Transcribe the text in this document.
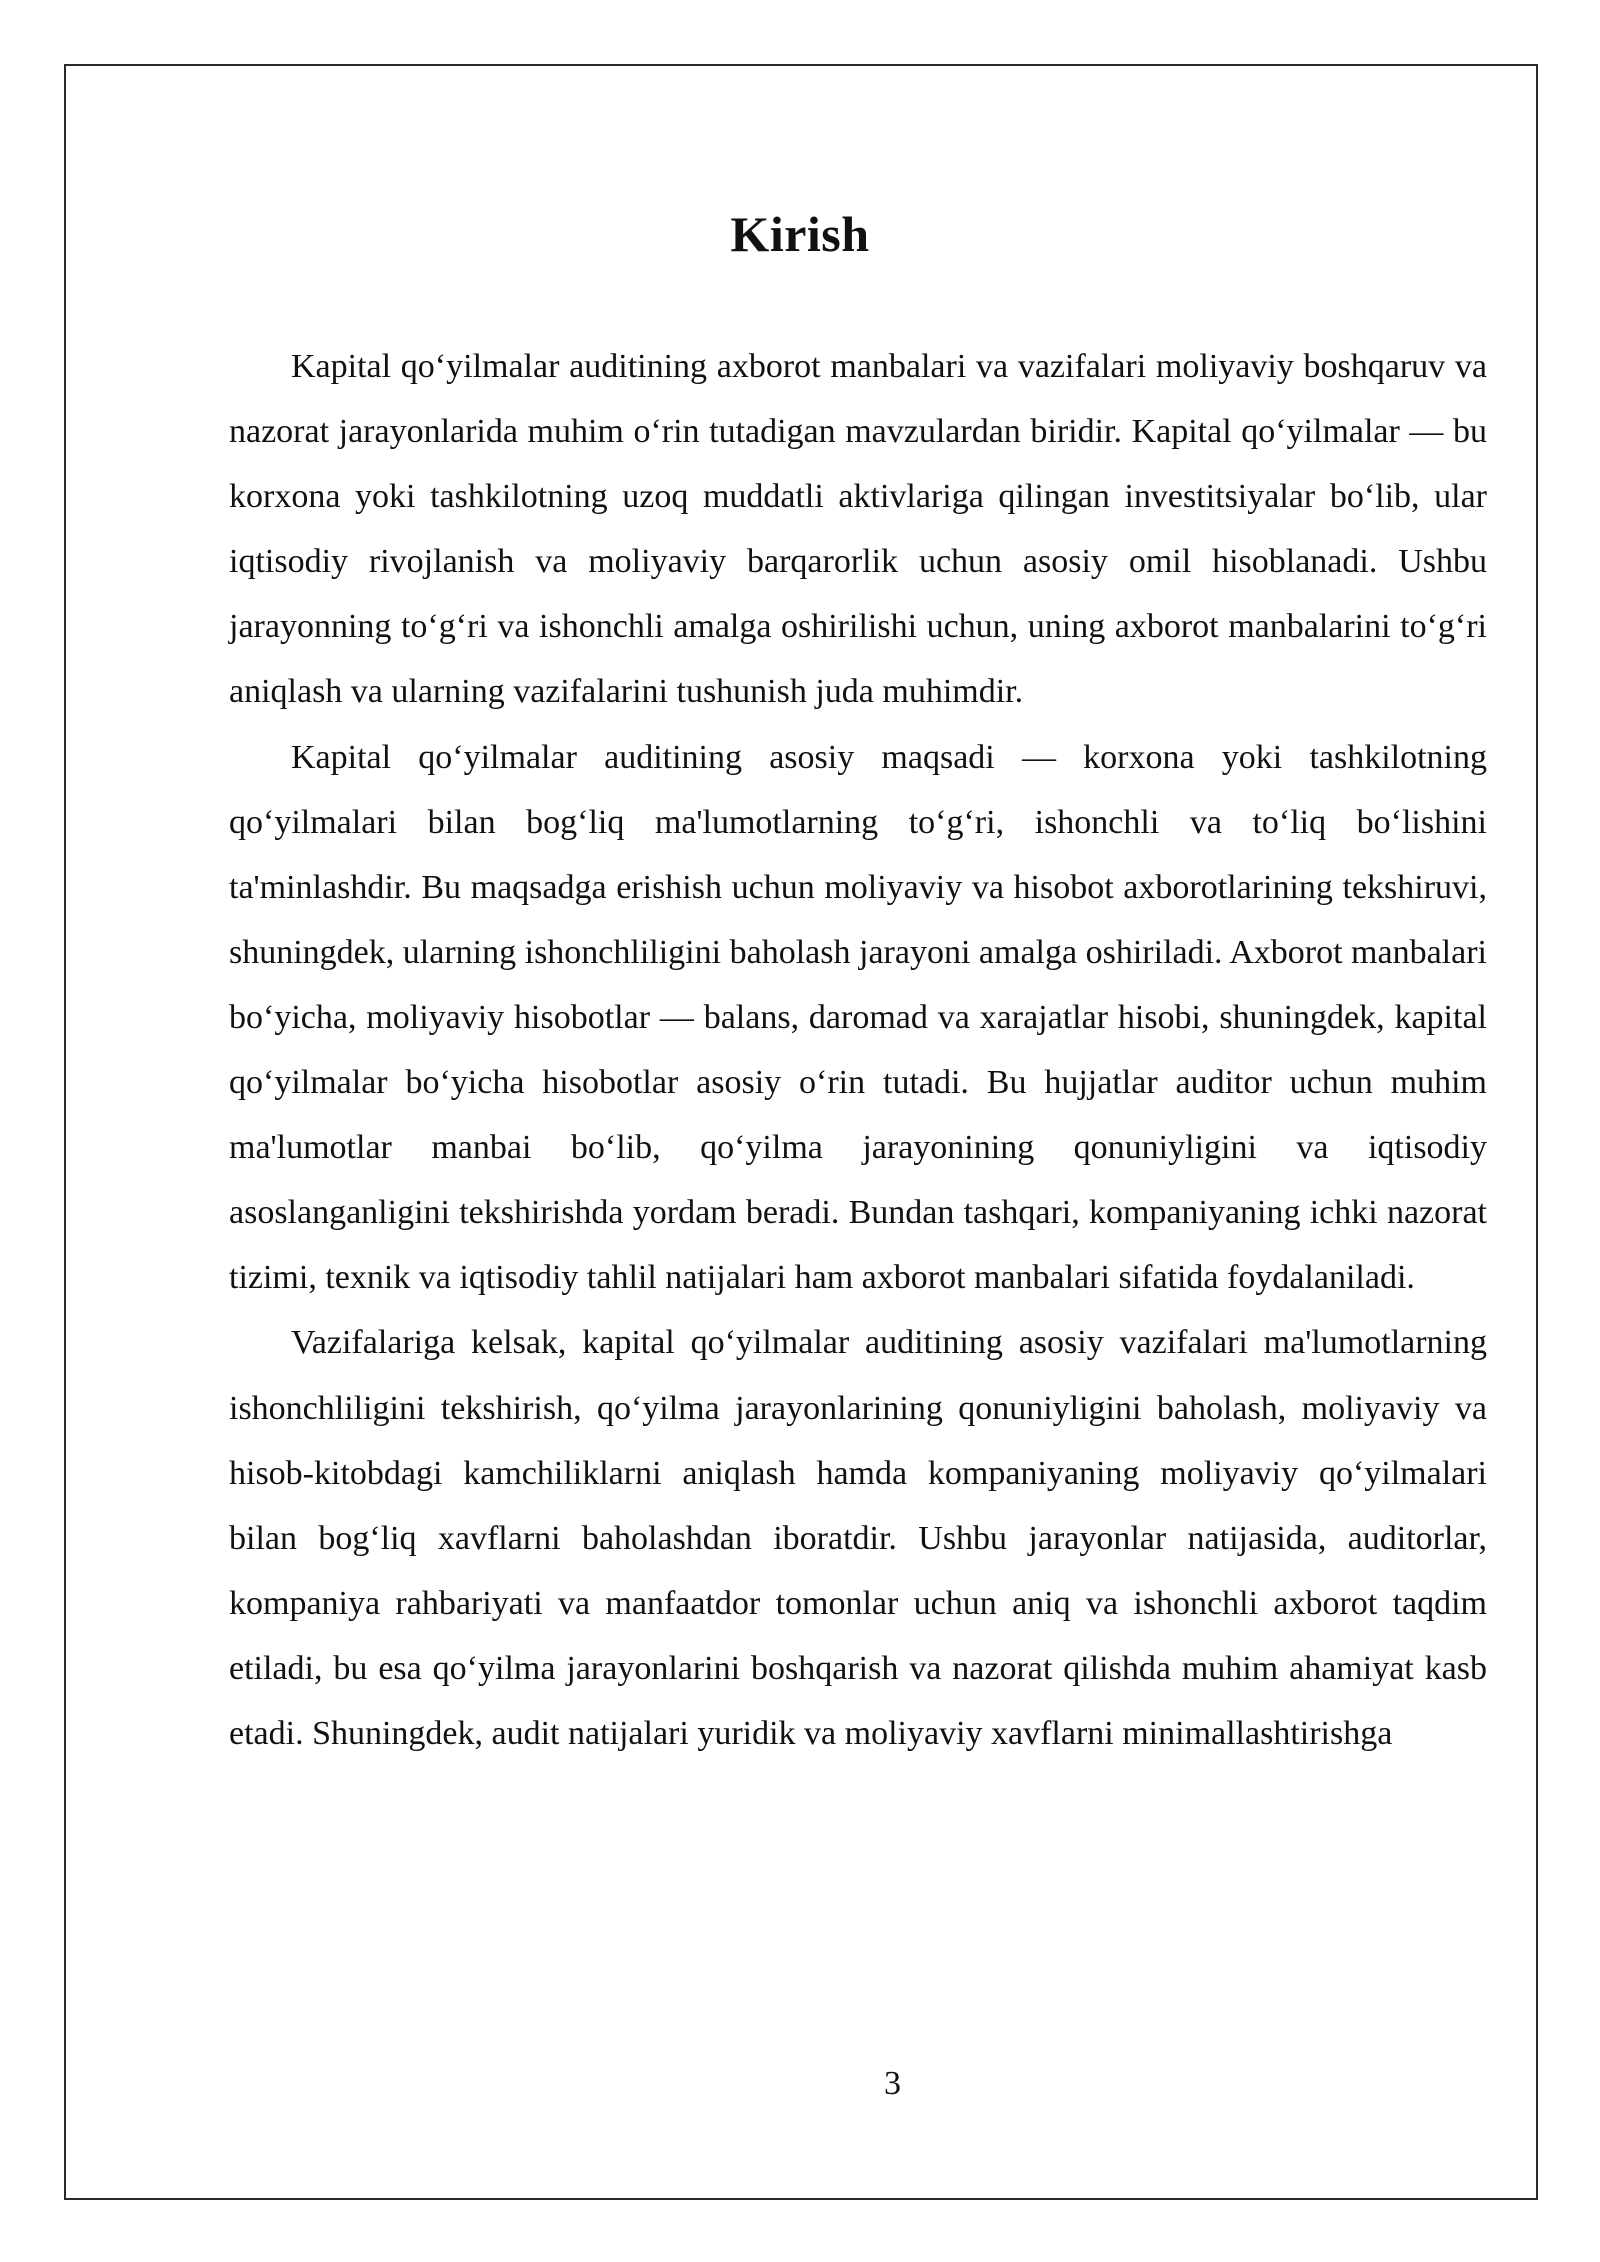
Kirish

Kapital qo‘yilmalar auditining axborot manbalari va vazifalari moliyaviy boshqaruv va nazorat jarayonlarida muhim o‘rin tutadigan mavzulardan biridir. Kapital qo‘yilmalar — bu korxona yoki tashkilotning uzoq muddatli aktivlariga qilingan investitsiyalar bo‘lib, ular iqtisodiy rivojlanish va moliyaviy barqarorlik uchun asosiy omil hisoblanadi. Ushbu jarayonning to‘g‘ri va ishonchli amalga oshirilishi uchun, uning axborot manbalarini to‘g‘ri aniqlash va ularning vazifalarini tushunish juda muhimdir.

Kapital qo‘yilmalar auditining asosiy maqsadi — korxona yoki tashkilotning qo‘yilmalari bilan bog‘liq ma'lumotlarning to‘g‘ri, ishonchli va to‘liq bo‘lishini ta'minlashdir. Bu maqsadga erishish uchun moliyaviy va hisobot axborotlarining tekshiruvi, shuningdek, ularning ishonchliligini baholash jarayoni amalga oshiriladi. Axborot manbalari bo‘yicha, moliyaviy hisobotlar — balans, daromad va xarajatlar hisobi, shuningdek, kapital qo‘yilmalar bo‘yicha hisobotlar asosiy o‘rin tutadi. Bu hujjatlar auditor uchun muhim ma'lumotlar manbai bo‘lib, qo‘yilma jarayonining qonuniyligini va iqtisodiy asoslanganligini tekshirishda yordam beradi. Bundan tashqari, kompaniyaning ichki nazorat tizimi, texnik va iqtisodiy tahlil natijalari ham axborot manbalari sifatida foydalaniladi.

Vazifalariga kelsak, kapital qo‘yilmalar auditining asosiy vazifalari ma'lumotlarning ishonchliligini tekshirish, qo‘yilma jarayonlarining qonuniyligini baholash, moliyaviy va hisob-kitobdagi kamchiliklarni aniqlash hamda kompaniyaning moliyaviy qo‘yilmalari bilan bog‘liq xavflarni baholashdan iboratdir. Ushbu jarayonlar natijasida, auditorlar, kompaniya rahbariyati va manfaatdor tomonlar uchun aniq va ishonchli axborot taqdim etiladi, bu esa qo‘yilma jarayonlarini boshqarish va nazorat qilishda muhim ahamiyat kasb etadi. Shuningdek, audit natijalari yuridik va moliyaviy xavflarni minimallashtirishga

3
